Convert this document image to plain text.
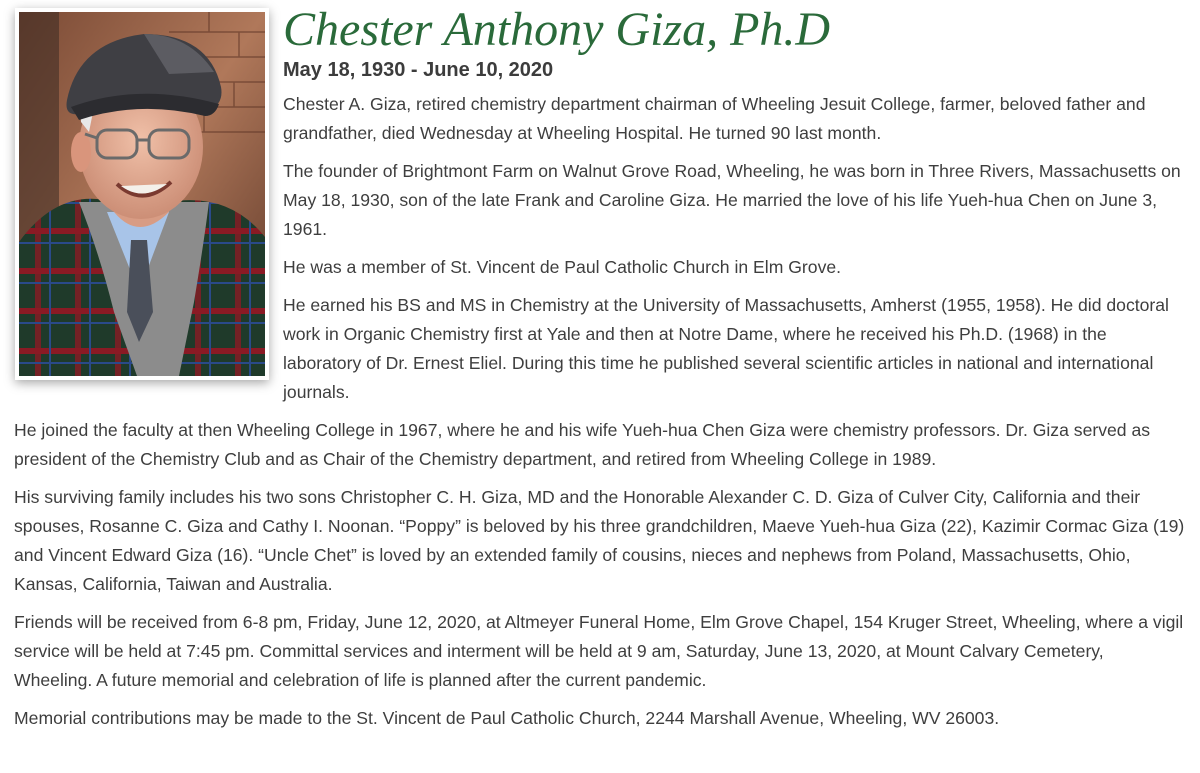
Chester Anthony Giza, Ph.D
May 18, 1930 - June 10, 2020

Chester A. Giza, retired chemistry department chairman of Wheeling Jesuit College, farmer, beloved father and grandfather, died Wednesday at Wheeling Hospital. He turned 90 last month.

The founder of Brightmont Farm on Walnut Grove Road, Wheeling, he was born in Three Rivers, Massachusetts on May 18, 1930, son of the late Frank and Caroline Giza. He married the love of his life Yueh-hua Chen on June 3, 1961.

He was a member of St. Vincent de Paul Catholic Church in Elm Grove.

He earned his BS and MS in Chemistry at the University of Massachusetts, Amherst (1955, 1958). He did doctoral work in Organic Chemistry first at Yale and then at Notre Dame, where he received his Ph.D. (1968) in the laboratory of Dr. Ernest Eliel. During this time he published several scientific articles in national and international journals.

He joined the faculty at then Wheeling College in 1967, where he and his wife Yueh-hua Chen Giza were chemistry professors. Dr. Giza served as president of the Chemistry Club and as Chair of the Chemistry department, and retired from Wheeling College in 1989.

His surviving family includes his two sons Christopher C. H. Giza, MD and the Honorable Alexander C. D. Giza of Culver City, California and their spouses, Rosanne C. Giza and Cathy I. Noonan. “Poppy” is beloved by his three grandchildren, Maeve Yueh-hua Giza (22), Kazimir Cormac Giza (19) and Vincent Edward Giza (16). “Uncle Chet” is loved by an extended family of cousins, nieces and nephews from Poland, Massachusetts, Ohio, Kansas, California, Taiwan and Australia.

Friends will be received from 6-8 pm, Friday, June 12, 2020, at Altmeyer Funeral Home, Elm Grove Chapel, 154 Kruger Street, Wheeling, where a vigil service will be held at 7:45 pm. Committal services and interment will be held at 9 am, Saturday, June 13, 2020, at Mount Calvary Cemetery, Wheeling. A future memorial and celebration of life is planned after the current pandemic.

Memorial contributions may be made to the St. Vincent de Paul Catholic Church, 2244 Marshall Avenue, Wheeling, WV 26003.
